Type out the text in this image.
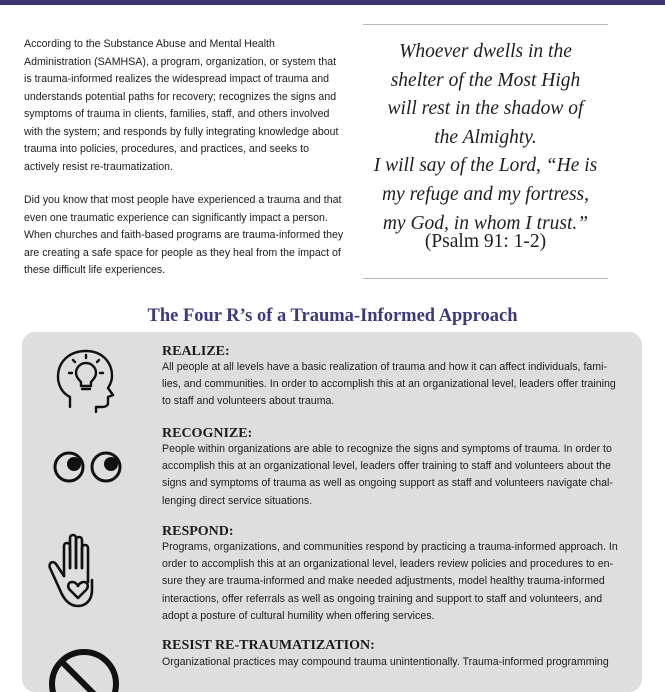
According to the Substance Abuse and Mental Health Administration (SAMHSA), a program, organization, or system that is trauma-informed realizes the widespread impact of trauma and understands potential paths for recovery; recognizes the signs and symptoms of trauma in clients, families, staff, and others involved with the system; and responds by fully integrating knowledge about trauma into policies, procedures, and practices, and seeks to actively resist re-traumatization.

Did you know that most people have experienced a trauma and that even one traumatic experience can significantly impact a person. When churches and faith-based programs are trauma-informed they are creating a safe space for people as they heal from the impact of these difficult life experiences.

Whoever dwells in the
shelter of the Most High
will rest in the shadow of
the Almighty.
I will say of the Lord, “He is
my refuge and my fortress,
my God, in whom I trust.”

(Psalm 91: 1-2)
The Four R’s of a Trauma-Informed Approach
REALIZE:

All people at all levels have a basic realization of trauma and how it can affect individuals, fami-
lies, and communities. In order to accomplish this at an organizational level, leaders offer training
to staff and volunteers about trauma.

RECOGNIZE:

People within organizations are able to recognize the signs and symptoms of trauma. In order to
accomplish this at an organizational level, leaders offer training to staff and volunteers about the
signs and symptoms of trauma as well as ongoing support as staff and volunteers navigate chal-
lenging direct service situations.

RESPOND:

Programs, organizations, and communities respond by practicing a trauma-informed approach. In
order to accomplish this at an organizational level, leaders review policies and procedures to en-
sure they are trauma-informed and make needed adjustments, model healthy trauma-informed
interactions, offer referrals as well as ongoing training and support to staff and volunteers, and
adopt a posture of cultural humility when offering services.

RESIST RE-TRAUMATIZATION:

Organizational practices may compound trauma unintentionally. Trauma-informed programming
